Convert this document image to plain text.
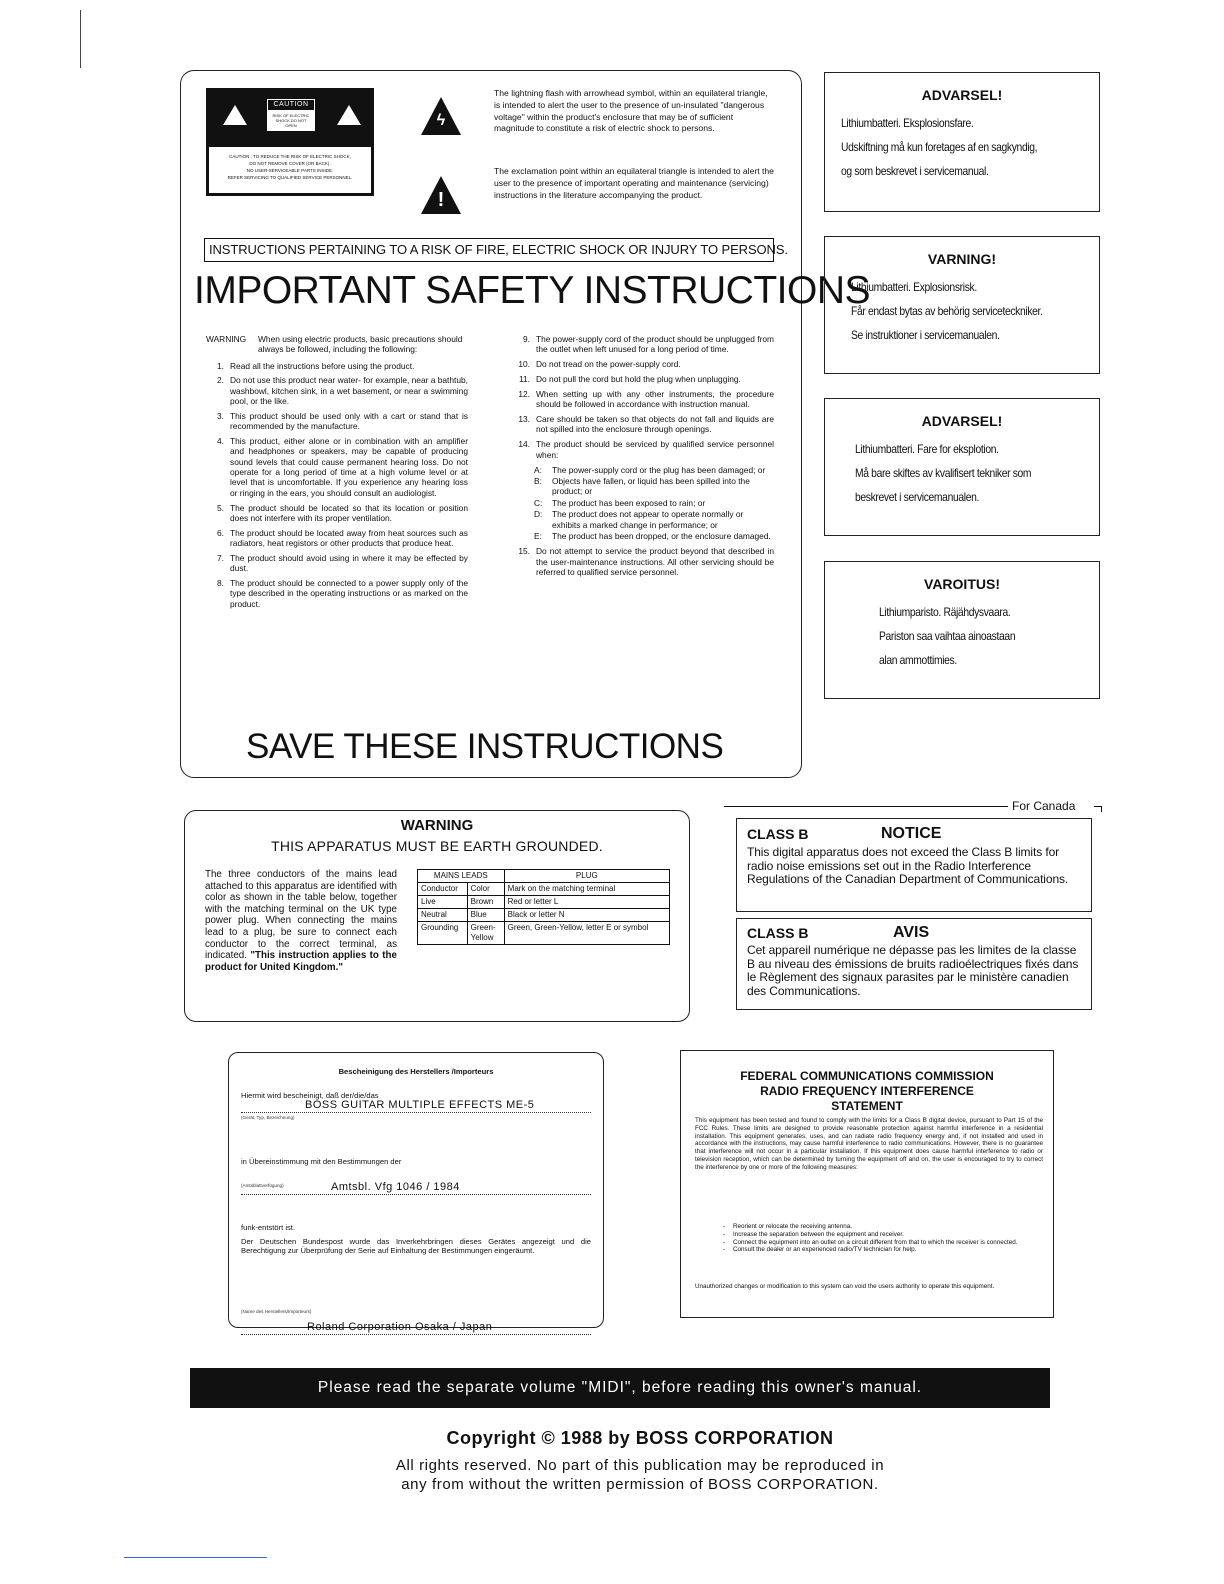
CAUTION
RISK OF ELECTRIC SHOCK DO NOT OPEN
CAUTION : TO REDUCE THE RISK OF ELECTRIC SHOCK,
DO NOT REMOVE COVER (OR BACK).
NO USER-SERVICEABLE PARTS INSIDE.
REFER SERVICING TO QUALIFIED SERVICE PERSONNEL.
ϟ
The lightning flash with arrowhead symbol, within an equilateral triangle, is intended to alert the user to the presence of un-insulated "dangerous voltage" within the product's enclosure that may be of sufficient magnitude to constitute a risk of electric shock to persons.
!
The exclamation point within an equilateral triangle is intended to alert the user to the presence of important operating and maintenance (servicing) instructions in the literature accompanying the product.
INSTRUCTIONS PERTAINING TO A RISK OF FIRE, ELECTRIC SHOCK OR INJURY TO PERSONS.
IMPORTANT SAFETY INSTRUCTIONS
WARNING When using electric products, basic precautions should always be followed, including the following:
1. Read all the instructions before using the product.
2. Do not use this product near water- for example, near a bathtub, washbowl, kitchen sink, in a wet basement, or near a swimming pool, or the like.
3. This product should be used only with a cart or stand that is recommended by the manufacture.
4. This product, either alone or in combination with an amplifier and headphones or speakers, may be capable of producing sound levels that could cause permanent hearing loss. Do not operate for a long period of time at a high volume level or at level that is uncomfortable. If you experience any hearing loss or ringing in the ears, you should consult an audiologist.
5. The product should be located so that its location or position does not interfere with its proper ventilation.
6. The product should be located away from heat sources such as radiators, heat registors or other products that produce heat.
7. The product should avoid using in where it may be effected by dust.
8. The product should be connected to a power supply only of the type described in the operating instructions or as marked on the product.
9. The power-supply cord of the product should be unplugged from the outlet when left unused for a long period of time.
10. Do not tread on the power-supply cord.
11. Do not pull the cord but hold the plug when unplugging.
12. When setting up with any other instruments, the procedure should be followed in accordance with instruction manual.
13. Care should be taken so that objects do not fall and liquids are not spilled into the enclosure through openings.
14. The product should be serviced by qualified service personnel when:
A:	The power-supply cord or the plug has been damaged; or
B:	Objects have fallen, or liquid has been spilled into the product; or
C:	The product has been exposed to rain; or
D:	The product does not appear to operate normally or exhibits a marked change in performance; or
E:	The product has been dropped, or the enclosure damaged.
15. Do not attempt to service the product beyond that described in the user-maintenance instructions. All other servicing should be referred to qualified service personnel.
SAVE THESE INSTRUCTIONS
ADVARSEL!
Lithiumbatteri. Eksplosionsfare.
Udskiftning må kun foretages af en sagkyndig,
og som beskrevet i servicemanual.
VARNING!
Lithiumbatteri. Explosionsrisk.
Får endast bytas av behörig serviceteckniker.
Se instruktioner i servicemanualen.
ADVARSEL!
Lithiumbatteri. Fare for eksplotion.
Må bare skiftes av kvalifisert tekniker som
beskrevet i servicemanualen.
VAROITUS!
Lithiumparisto. Räjähdysvaara.
Pariston saa vaihtaa ainoastaan
alan ammottimies.
WARNING
THIS APPARATUS MUST BE EARTH GROUNDED.
The three conductors of the mains lead attached to this apparatus are identified with color as shown in the table below, together with the matching terminal on the UK type power plug. When connecting the mains lead to a plug, be sure to connect each conductor to the correct terminal, as indicated. "This instruction applies to the product for United Kingdom."
MAINS LEADS		PLUG
Conductor	Color	Mark on the matching terminal
Live	Brown	Red or letter L
Neutral	Blue	Black or letter N
Grounding	Green-Yellow	Green, Green-Yellow, letter E or symbol
For Canada
CLASS B	NOTICE
This digital apparatus does not exceed the Class B limits for radio noise emissions set out in the Radio Interference Regulations of the Canadian Department of Communications.
CLASS B	AVIS
Cet appareil numérique ne dépasse pas les limites de la classe B au niveau des émissions de bruits radioélectriques fixés dans le Règlement des signaux parasites par le ministère canadien des Communications.
Bescheinigung des Herstellers /Importeurs
Hiermit wird bescheinigt, daß der/die/das
BOSS GUITAR MULTIPLE EFFECTS ME-5
(Gerät, Typ, Bezeichnung)
in Übereinstimmung mit den Bestimmungen der
Amtsbl. Vfg 1046 / 1984
(Amtsblattverfügung)
funk-entstört ist.
Der Deutschen Bundespost wurde das Inverkehrbringen dieses Gerätes angezeigt und die Berechtigung zur Überprüfung der Serie auf Einhaltung der Bestimmungen eingeräumt.
Roland Corporation Osaka / Japan
(Name des Herstellers/Importeurs)
FEDERAL COMMUNICATIONS COMMISSION
RADIO FREQUENCY INTERFERENCE
STATEMENT
This equipment has been tested and found to comply with the limits for a Class B digital device, pursuant to Part 15 of the FCC Rules. These limits are designed to provide reasonable protection against harmful interference in a residential installation. This equipment generates, uses, and can radiate radio frequency energy and, if not installed and used in accordance with the instructions, may cause harmful interference to radio communications. However, there is no guarantee that interference will not occur in a particular installation. If this equipment does cause harmful interference to radio or television reception, which can be determined by turning the equipment off and on, the user is encouraged to try to correct the interference by one or more of the following measures:
- Reorient or relocate the receiving antenna.
- Increase the separation between the equipment and receiver.
- Connect the equipment into an outlet on a circuit different from that to which the receiver is connected.
- Consult the dealer or an experienced radio/TV technician for help.
Unauthorized changes or modification to this system can void the users authority to operate this equipment.
Please read the separate volume "MIDI", before reading this owner's manual.
Copyright © 1988 by BOSS CORPORATION
All rights reserved. No part of this publication may be reproduced in
any from without the written permission of BOSS CORPORATION.
